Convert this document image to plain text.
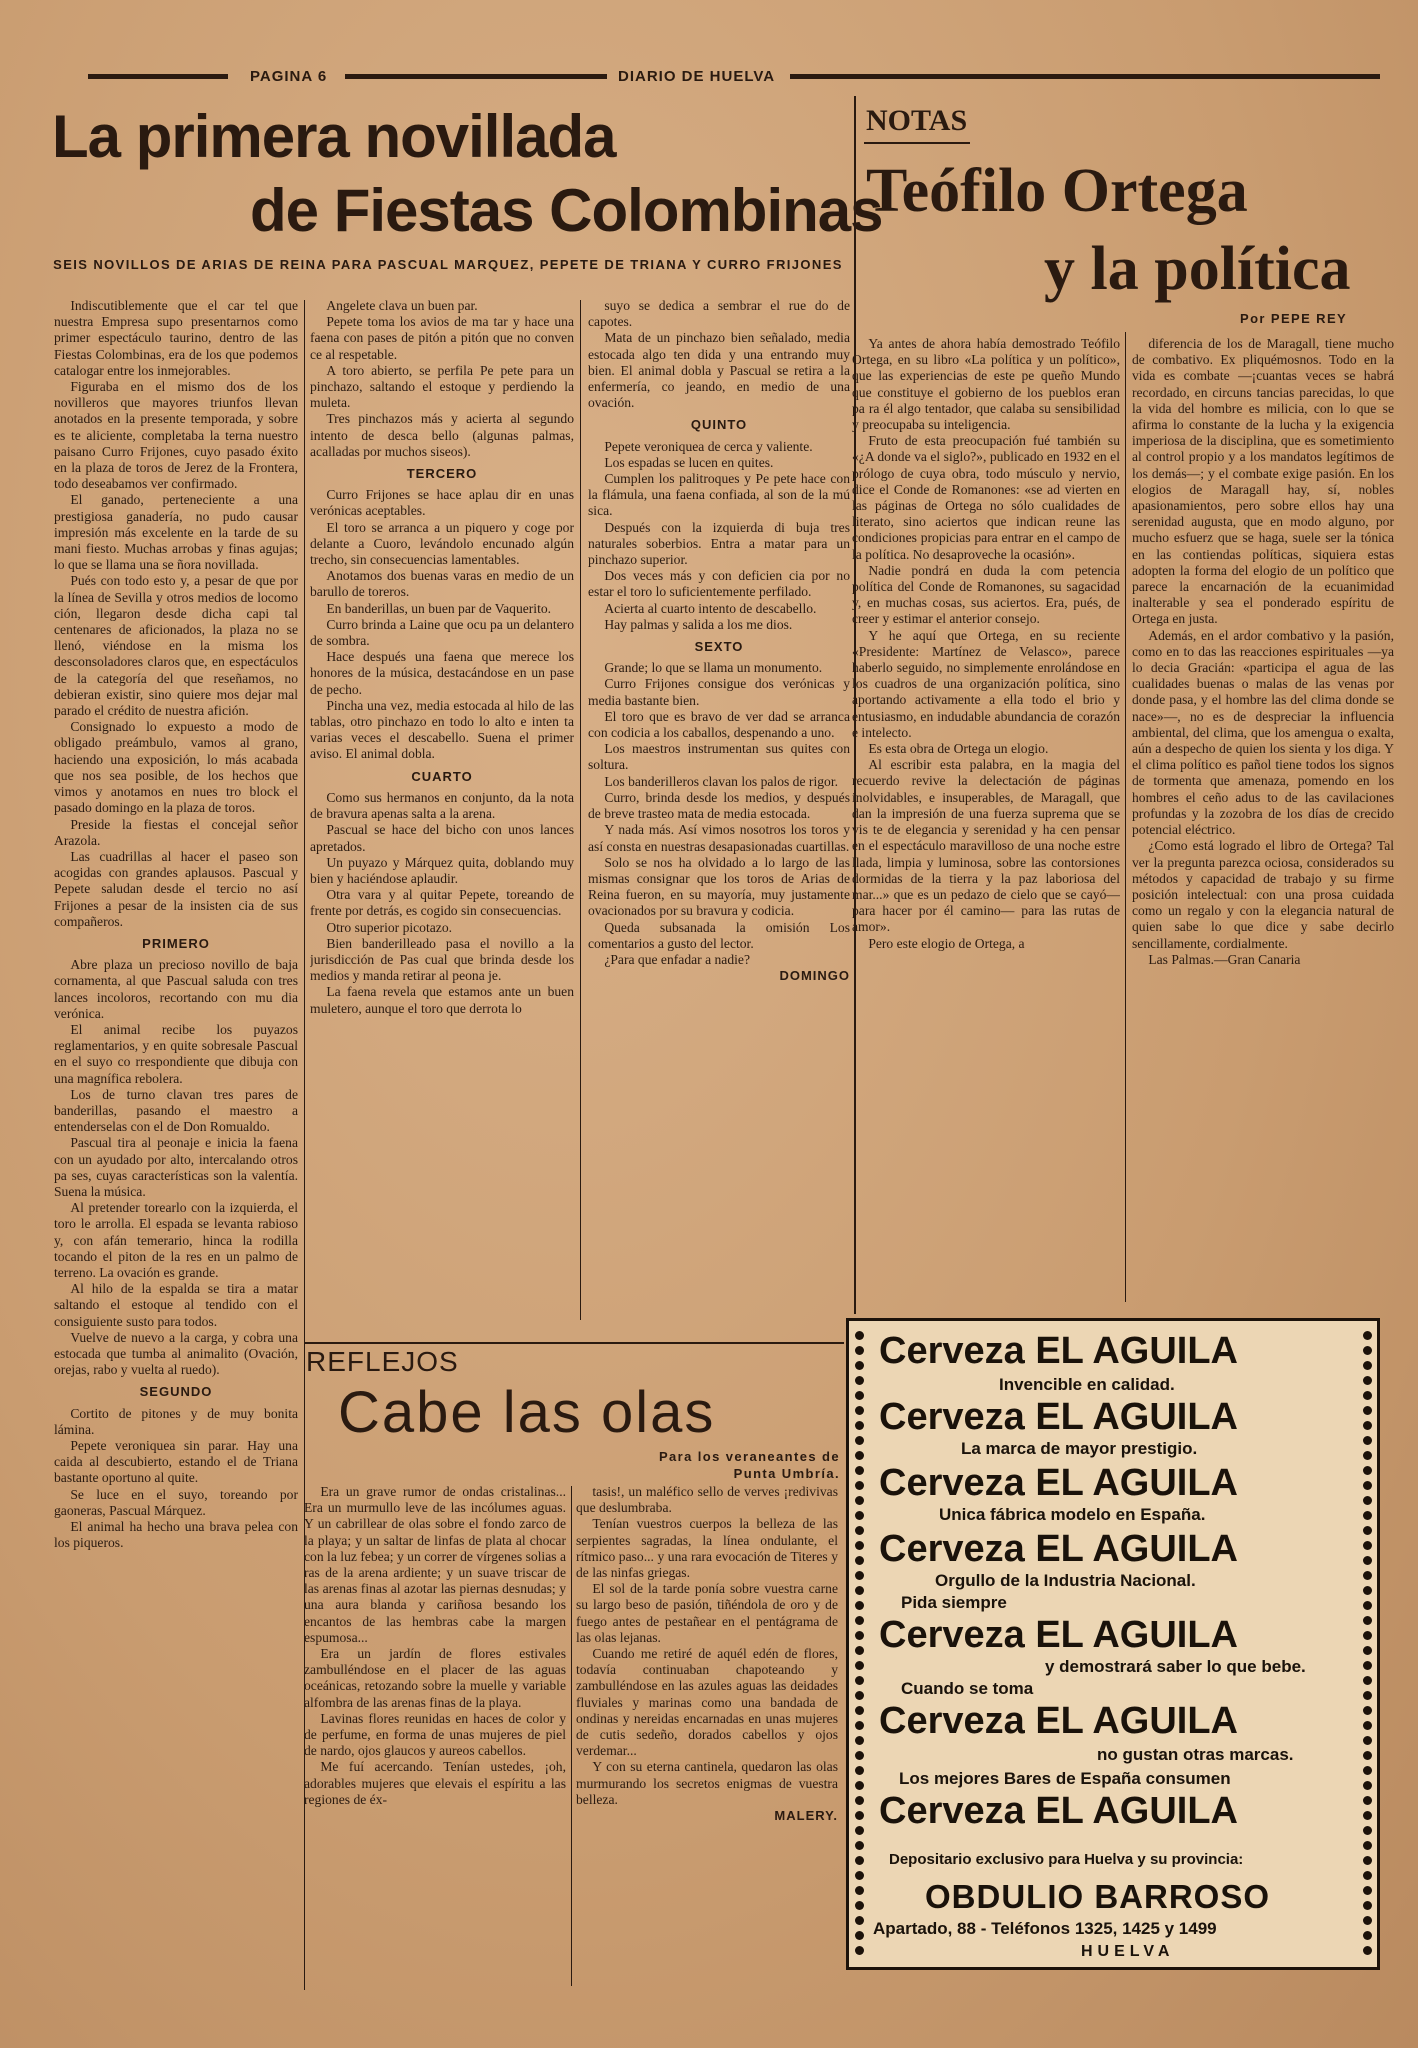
PAGINA 6	DIARIO DE HUELVA
La primera novillada
de Fiestas Colombinas
SEIS NOVILLOS DE ARIAS DE REINA PARA PASCUAL MARQUEZ, PEPETE DE TRIANA Y CURRO FRIJONES

Indiscutiblemente que el car tel que nuestra Empresa supo presentarnos como primer espectáculo taurino, dentro de las Fiestas Colombinas, era de los que podemos catalogar entre los inmejorables.

Figuraba en el mismo dos de los novilleros que mayores triunfos llevan anotados en la presente temporada, y sobre es te aliciente, completaba la terna nuestro paisano Curro Frijones, cuyo pasado éxito en la plaza de toros de Jerez de la Frontera, todo deseabamos ver confirmado.

El ganado, perteneciente a una prestigiosa ganadería, no pudo causar impresión más excelente en la tarde de su mani fiesto. Muchas arrobas y finas agujas; lo que se llama una se ñora novillada.

Pués con todo esto y, a pesar de que por la línea de Sevilla y otros medios de locomo ción, llegaron desde dicha capi tal centenares de aficionados, la plaza no se llenó, viéndose en la misma los desconsoladores claros que, en espectáculos de la categoría del que reseñamos, no debieran existir, sino quiere mos dejar mal parado el crédito de nuestra afición.

Consignado lo expuesto a modo de obligado preámbulo, vamos al grano, haciendo una exposición, lo más acabada que nos sea posible, de los hechos que vimos y anotamos en nues tro block el pasado domingo en la plaza de toros.

Preside la fiestas el concejal señor Arazola.

Las cuadrillas al hacer el paseo son acogidas con grandes aplausos. Pascual y Pepete saludan desde el tercio no así Frijones a pesar de la insisten cia de sus compañeros.

PRIMERO

Abre plaza un precioso novillo de baja cornamenta, al que Pascual saluda con tres lances incoloros, recortando con mu dia verónica.

El animal recibe los puyazos reglamentarios, y en quite sobresale Pascual en el suyo co rrespondiente que dibuja con una magnífica rebolera.

Los de turno clavan tres pares de banderillas, pasando el maestro a entenderselas con el de Don Romualdo.

Pascual tira al peonaje e inicia la faena con un ayudado por alto, intercalando otros pa ses, cuyas características son la valentía. Suena la música.

Al pretender torearlo con la izquierda, el toro le arrolla. El espada se levanta rabioso y, con afán temerario, hinca la rodilla tocando el piton de la res en un palmo de terreno. La ovación es grande.

Al hilo de la espalda se tira a matar saltando el estoque al tendido con el consiguiente susto para todos.

Vuelve de nuevo a la carga, y cobra una estocada que tumba al animalito (Ovación, orejas, rabo y vuelta al ruedo).

SEGUNDO

Cortito de pitones y de muy bonita lámina.

Pepete veroniquea sin parar. Hay una caida al descubierto, estando el de Triana bastante oportuno al quite.

Se luce en el suyo, toreando por gaoneras, Pascual Márquez.

El animal ha hecho una brava pelea con los piqueros.

Angelete clava un buen par.

Pepete toma los avios de ma tar y hace una faena con pases de pitón a pitón que no conven ce al respetable.

A toro abierto, se perfila Pe pete para un pinchazo, saltando el estoque y perdiendo la muleta.

Tres pinchazos más y acierta al segundo intento de desca bello (algunas palmas, acalladas por muchos siseos).

TERCERO

Curro Frijones se hace aplau dir en unas verónicas aceptables.

El toro se arranca a un piquero y coge por delante a Cuoro, levándolo encunado algún trecho, sin consecuencias lamentables.

Anotamos dos buenas varas en medio de un barullo de toreros.

En banderillas, un buen par de Vaquerito.

Curro brinda a Laine que ocu pa un delantero de sombra.

Hace después una faena que merece los honores de la música, destacándose en un pase de pecho.

Pincha una vez, media estocada al hilo de las tablas, otro pinchazo en todo lo alto e inten ta varias veces el descabello. Suena el primer aviso. El animal dobla.

CUARTO

Como sus hermanos en conjunto, da la nota de bravura apenas salta a la arena.

Pascual se hace del bicho con unos lances apretados.

Un puyazo y Márquez quita, doblando muy bien y haciéndose aplaudir.

Otra vara y al quitar Pepete, toreando de frente por detrás, es cogido sin consecuencias.

Otro superior picotazo.

Bien banderilleado pasa el novillo a la jurisdicción de Pas cual que brinda desde los medios y manda retirar al peona je.

La faena revela que estamos ante un buen muletero, aunque el toro que derrota lo

suyo se dedica a sembrar el rue do de capotes.

Mata de un pinchazo bien señalado, media estocada algo ten dida y una entrando muy bien. El animal dobla y Pascual se retira a la enfermería, co jeando, en medio de una ovación.

QUINTO

Pepete veroniquea de cerca y valiente.

Los espadas se lucen en quites.

Cumplen los palitroques y Pe pete hace con la flámula, una faena confiada, al son de la mú sica.

Después con la izquierda di buja tres naturales soberbios. Entra a matar para un pinchazo superior.

Dos veces más y con deficien cia por no estar el toro lo suficientemente perfilado.

Acierta al cuarto intento de descabello.

Hay palmas y salida a los me dios.

SEXTO

Grande; lo que se llama un monumento.

Curro Frijones consigue dos verónicas y media bastante bien.

El toro que es bravo de ver dad se arranca con codicia a los caballos, despenando a uno.

Los maestros instrumentan sus quites con soltura.

Los banderilleros clavan los palos de rigor.

Curro, brinda desde los medios, y después de breve trasteo mata de media estocada.

Y nada más. Así vimos nosotros los toros y así consta en nuestras desapasionadas cuartillas.

Solo se nos ha olvidado a lo largo de las mismas consignar que los toros de Arias de Reina fueron, en su mayoría, muy justamente ovacionados por su bravura y codicia.

Queda subsanada la omisión Los comentarios a gusto del lector.

¿Para que enfadar a nadie?

DOMINGO

NOTAS
Teófilo Ortega
y la política
Por PEPE REY

Ya antes de ahora había demostrado Teófilo Ortega, en su libro «La política y un político», que las experiencias de este pe queño Mundo que constituye el gobierno de los pueblos eran pa ra él algo tentador, que calaba su sensibilidad y preocupaba su inteligencia.

Fruto de esta preocupación fué también su «¿A donde va el siglo?», publicado en 1932 en el prólogo de cuya obra, todo músculo y nervio, dice el Conde de Romanones: «se ad vierten en las páginas de Ortega no sólo cualidades de literato, sino aciertos que indican reune las condiciones propicias para entrar en el campo de la política. No desaproveche la ocasión».

Nadie pondrá en duda la com petencia política del Conde de Romanones, su sagacidad y, en muchas cosas, sus aciertos. Era, pués, de creer y estimar el anterior consejo.

Y he aquí que Ortega, en su reciente «Presidente: Martínez de Velasco», parece haberlo seguido, no simplemente enrolándose en los cuadros de una organización política, sino aportando activamente a ella todo el brio y entusiasmo, en indudable abundancia de corazón e intelecto.

Es esta obra de Ortega un elogio.

Al escribir esta palabra, en la magia del recuerdo revive la delectación de páginas inolvidables, e insuperables, de Maragall, que dan la impresión de una fuerza suprema que se vis te de elegancia y serenidad y ha cen pensar en el espectáculo maravilloso de una noche estre llada, limpia y luminosa, sobre las contorsiones dormidas de la tierra y la paz laboriosa del mar...» que es un pedazo de cielo que se cayó— para hacer por él camino— para las rutas de amor».

Pero este elogio de Ortega, a

diferencia de los de Maragall, tiene mucho de combativo. Ex pliquémosnos. Todo en la vida es combate —¡cuantas veces se habrá recordado, en circuns tancias parecidas, lo que la vida del hombre es milicia, con lo que se afirma lo constante de la lucha y la exigencia imperiosa de la disciplina, que es sometimiento al control propio y a los mandatos legítimos de los demás—; y el combate exige pasión. En los elogios de Maragall hay, sí, nobles apasionamientos, pero sobre ellos hay una serenidad augusta, que en modo alguno, por mucho esfuerz que se haga, suele ser la tónica en las contiendas políticas, siquiera estas adopten la forma del elogio de un político que parece la encarnación de la ecuanimidad inalterable y sea el ponderado espíritu de Ortega en justa.

Además, en el ardor combativo y la pasión, como en to das las reacciones espirituales —ya lo decia Gracián: «participa el agua de las cualidades buenas o malas de las venas por donde pasa, y el hombre las del clima donde se nace»—, no es de despreciar la influencia ambiental, del clima, que los amengua o exalta, aún a despecho de quien los sienta y los diga. Y el clima político es pañol tiene todos los signos de tormenta que amenaza, pomendo en los hombres el ceño adus to de las cavilaciones profundas y la zozobra de los días de crecido potencial eléctrico.

¿Como está logrado el libro de Ortega? Tal ver la pregunta parezca ociosa, considerados su métodos y capacidad de trabajo y su firme posición intelectual: con una prosa cuidada como un regalo y con la elegancia natural de quien sabe lo que dice y sabe decirlo sencillamente, cordialmente.

Las Palmas.—Gran Canaria

REFLEJOS
Cabe las olas
Para los veraneantes de Punta Umbría.

Era un grave rumor de ondas cristalinas... Era un murmullo leve de las incólumes aguas. Y un cabrillear de olas sobre el fondo zarco de la playa; y un saltar de linfas de plata al chocar con la luz febea; y un correr de vírgenes solias a ras de la arena ardiente; y un suave triscar de las arenas finas al azotar las piernas desnudas; y una aura blanda y cariñosa besando los encantos de las hembras cabe la margen espumosa...

Era un jardín de flores estivales zambulléndose en el placer de las aguas oceánicas, retozando sobre la muelle y variable alfombra de las arenas finas de la playa.

Lavinas flores reunidas en haces de color y de perfume, en forma de unas mujeres de piel de nardo, ojos glaucos y aureos cabellos.

Me fuí acercando. Tenían ustedes, ¡oh, adorables mujeres que elevais el espíritu a las regiones de éx-

tasis!, un maléfico sello de verves ¡redivivas que deslumbraba.

Tenían vuestros cuerpos la belleza de las serpientes sagradas, la línea ondulante, el rítmico paso... y una rara evocación de Titeres y de las ninfas griegas.

El sol de la tarde ponía sobre vuestra carne su largo beso de pasión, tiñéndola de oro y de fuego antes de pestañear en el pentágrama de las olas lejanas.

Cuando me retiré de aquél edén de flores, todavía continuaban chapoteando y zambulléndose en las azules aguas las deidades fluviales y marinas como una bandada de ondinas y nereidas encarnadas en unas mujeres de cutis sedeño, dorados cabellos y ojos verdemar...

Y con su eterna cantinela, quedaron las olas murmurando los secretos enigmas de vuestra belleza.

MALERY.

Cerveza EL AGUILA
Invencible en calidad.
Cerveza EL AGUILA
La marca de mayor prestigio.
Cerveza EL AGUILA
Unica fábrica modelo en España.
Cerveza EL AGUILA
Orgullo de la Industria Nacional.
Pida siempre
Cerveza EL AGUILA
y demostrará saber lo que bebe.
Cuando se toma
Cerveza EL AGUILA
no gustan otras marcas.
Los mejores Bares de España consumen
Cerveza EL AGUILA
Depositario exclusivo para Huelva y su provincia:
OBDULIO BARROSO
Apartado, 88 - Teléfonos 1325, 1425 y 1499
HUELVA
